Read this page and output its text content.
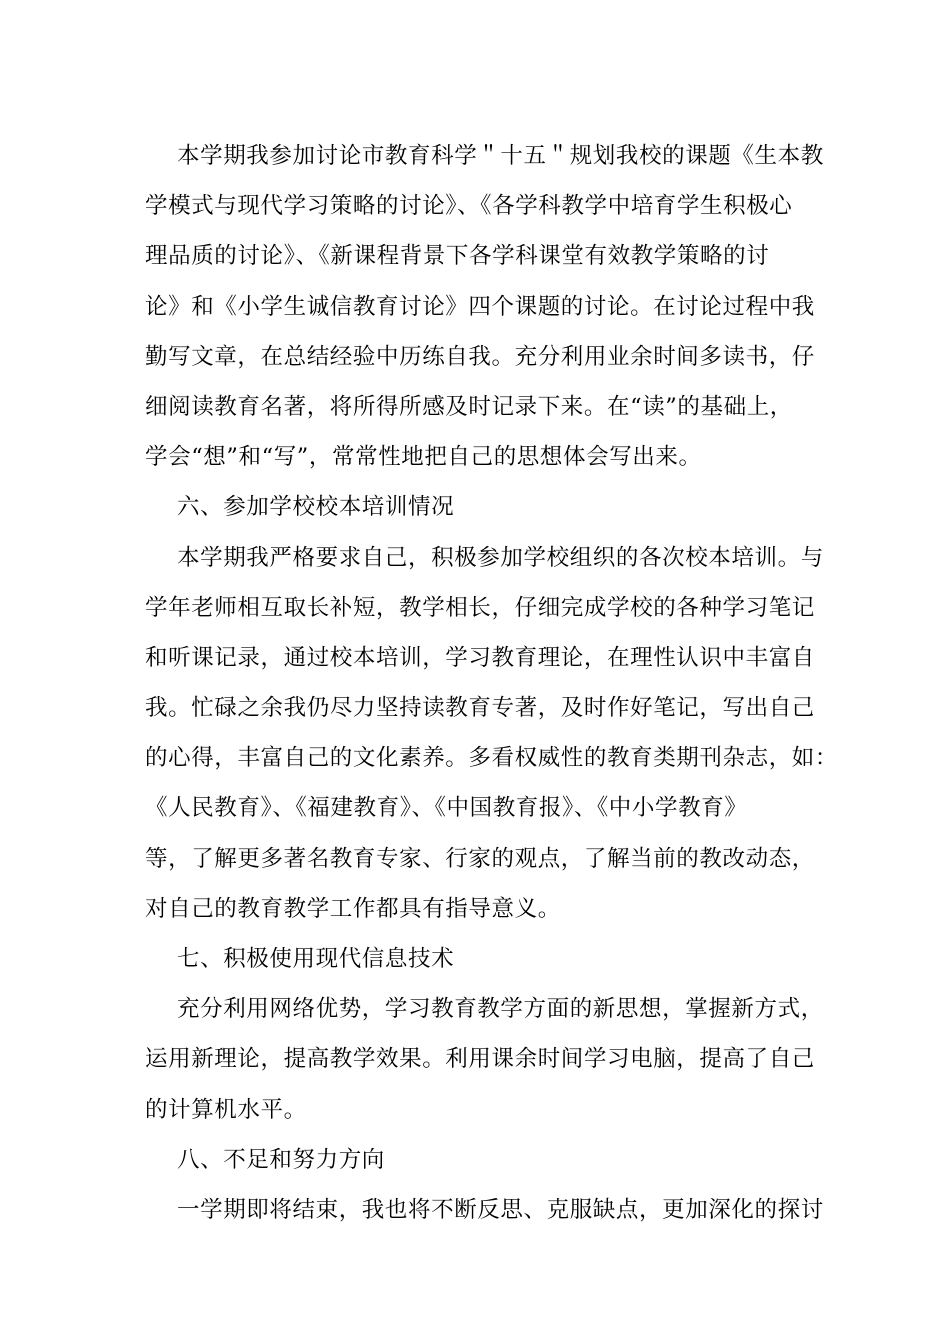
本学期我参加讨论市教育科学＂十五＂规划我校的课题《生本教
学模式与现代学习策略的讨论》、《各学科教学中培育学生积极心
理品质的讨论》、《新课程背景下各学科课堂有效教学策略的讨
论》和《小学生诚信教育讨论》四个课题的讨论。在讨论过程中我
勤写文章，在总结经验中历练自我。充分利用业余时间多读书，仔
细阅读教育名著，将所得所感及时记录下来。在“读”的基础上，
学会“想”和“写”，常常性地把自己的思想体会写出来。
六、参加学校校本培训情况
本学期我严格要求自己，积极参加学校组织的各次校本培训。与
学年老师相互取长补短，教学相长，仔细完成学校的各种学习笔记
和听课记录，通过校本培训，学习教育理论，在理性认识中丰富自
我。忙碌之余我仍尽力坚持读教育专著，及时作好笔记，写出自己
的心得，丰富自己的文化素养。多看权威性的教育类期刊杂志，如：
《人民教育》、《福建教育》、《中国教育报》、《中小学教育》
等，了解更多著名教育专家、行家的观点，了解当前的教改动态，
对自己的教育教学工作都具有指导意义。
七、积极使用现代信息技术
充分利用网络优势，学习教育教学方面的新思想，掌握新方式，
运用新理论，提高教学效果。利用课余时间学习电脑，提高了自己
的计算机水平。
八、不足和努力方向
一学期即将结束，我也将不断反思、克服缺点，更加深化的探讨
